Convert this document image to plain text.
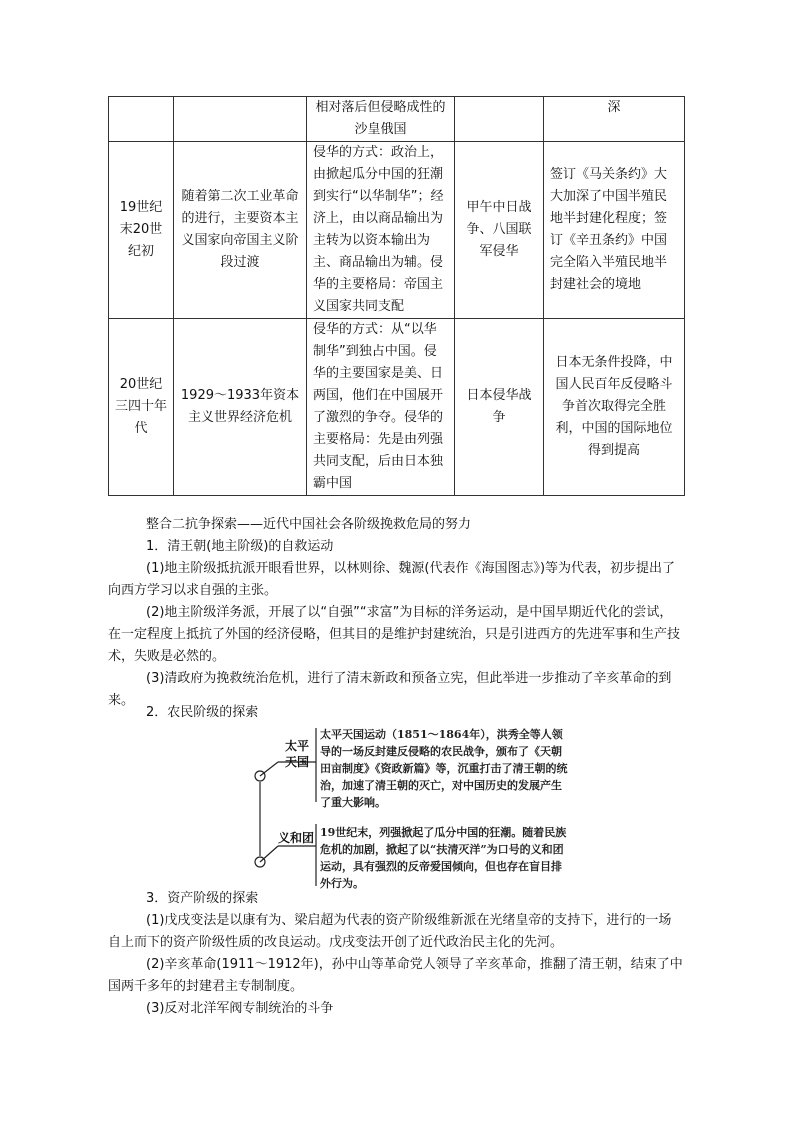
		相对落后但侵略成性的沙皇俄国		深
19世纪末20世纪初	随着第二次工业革命的进行，主要资本主义国家向帝国主义阶段过渡	侵华的方式：政治上，由掀起瓜分中国的狂潮到实行“以华制华”；经济上，由以商品输出为主转为以资本输出为主、商品输出为辅。侵华的主要格局：帝国主义国家共同支配	甲午中日战争、八国联军侵华	签订《马关条约》大大加深了中国半殖民地半封建化程度；签订《辛丑条约》中国完全陷入半殖民地半封建社会的境地
20世纪三四十年代	1929～1933年资本主义世界经济危机	侵华的方式：从“以华制华”到独占中国。侵华的主要国家是美、日两国，他们在中国展开了激烈的争夺。侵华的主要格局：先是由列强共同支配，后由日本独霸中国	日本侵华战争	日本无条件投降，中国人民百年反侵略斗争首次取得完全胜利，中国的国际地位得到提高

整合二抗争探索——近代中国社会各阶级挽救危局的努力

1．清王朝(地主阶级)的自救运动

(1)地主阶级抵抗派开眼看世界，以林则徐、魏源(代表作《海国图志》)等为代表，初步提出了向西方学习以求自强的主张。

(2)地主阶级洋务派，开展了以“自强”“求富”为目标的洋务运动，是中国早期近代化的尝试，在一定程度上抵抗了外国的经济侵略，但其目的是维护封建统治，只是引进西方的先进军事和生产技术，失败是必然的。

(3)清政府为挽救统治危机，进行了清末新政和预备立宪，但此举进一步推动了辛亥革命的到来。

2．农民阶级的探索

太平天国
太平天国运动（1851～1864年），洪秀全等人领导的一场反封建反侵略的农民战争，颁布了《天朝田亩制度》《资政新篇》等，沉重打击了清王朝的统治，加速了清王朝的灭亡，对中国历史的发展产生了重大影响。
义和团 19世纪末，列强掀起了瓜分中国的狂潮。随着民族危机的加剧，掀起了以“扶清灭洋”为口号的义和团运动，具有强烈的反帝爱国倾向，但也存在盲目排外行为。

3．资产阶级的探索

(1)戊戌变法是以康有为、梁启超为代表的资产阶级维新派在光绪皇帝的支持下，进行的一场自上而下的资产阶级性质的改良运动。戊戌变法开创了近代政治民主化的先河。

(2)辛亥革命(1911～1912年)，孙中山等革命党人领导了辛亥革命，推翻了清王朝，结束了中国两千多年的封建君主专制制度。

(3)反对北洋军阀专制统治的斗争
